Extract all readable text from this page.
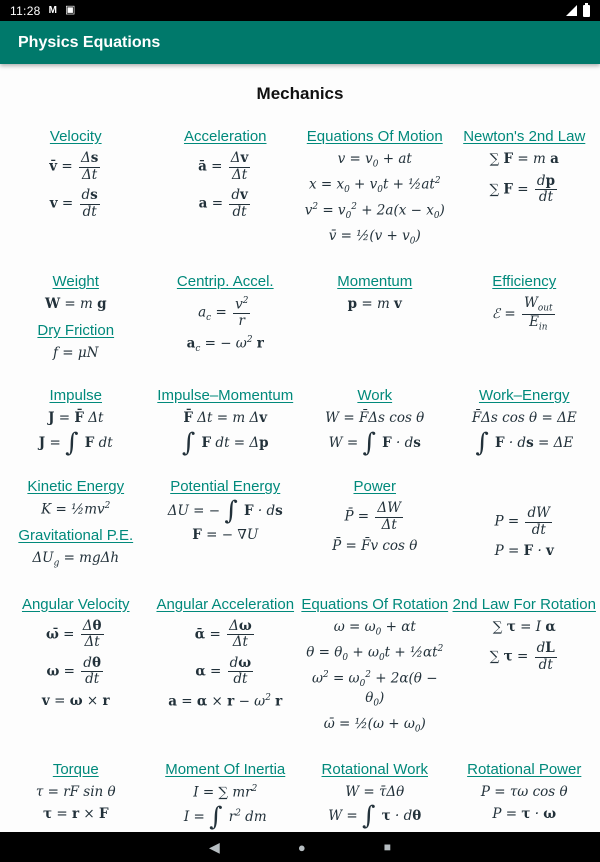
11:28 M ▣
Physics Equations
Mechanics
Velocity
v̄ = $\frac{\Delta s}{\Delta t}$
$v = \frac{ds}{dt}$
Acceleration
ā = $\frac{\Delta v}{\Delta t}$
$a = \frac{dv}{dt}$
Equations Of Motion
$v = v_0$ + at
$x = x_0 + v_0t$ + $\frac{1}{2}at^2$
$v^2 = v_0^2 + 2a(x - x_0)$
v̄ = ½(v + $v_0$)
Newton's 2nd Law
∑ F = m a
∑ $F = \frac{dp}{dt}$
Weight
W = m g
Dry Friction
f = μN
Centrip. Accel.
$a_c = \frac{v^2}{r}$
$a_c$ = − $\omega^2$ r
Momentum
p = m v
Efficiency
ℰ = $\frac{W_{out}}{E_{in}}$
Impulse
J = F̄ Δt
J = ∫ F dt
Impulse–Momentum
F̄ Δt = m Δv
∫ F dt = Δp
Work
W = F̄Δs cos θ
W = ∫ F · ds
Work–Energy
F̄Δs cos θ = ΔE
∫ F · ds = ΔE
Kinetic Energy
$K = \frac{1}{2}mv^2$
Gravitational P.E.
$\Delta U_g = mg\Delta h$
Potential Energy
ΔU = − ∫ F · ds
F = − ∇U
Power
P̄ = $\frac{\Delta W}{\Delta t}$
P̄ = F̄v cos θ
$P = \frac{dW}{dt}$
P = F · v
Angular Velocity
ω̄ = $\frac{\Delta\theta}{\Delta t}$
$\omega = \frac{d\theta}{dt}$
v = ω × r
Angular Acceleration
ᾱ = $\frac{\Delta\omega}{\Delta t}$
$\alpha = \frac{d\omega}{dt}$
$a = \alpha \times r - \omega^2$ r
Equations Of Rotation
$\omega = \omega_0 + \alpha t$
$\theta = \theta_0 + \omega_0t$ + $\frac{1}{2}\alpha t^2$
$\omega^2 = \omega_0^2 + 2\alpha(\theta - \theta_0)$
ω̄ = ½(ω + $\omega_0$)
2nd Law For Rotation
∑ τ = I α
∑ $\tau = \frac{dL}{dt}$
Torque
τ = rF sin θ
τ = r × F
Moment Of Inertia
I = ∑ $mr^2$
I = ∫ $r^2$ dm
Rotational Work
W = τ̄Δθ
W = ∫ τ · dθ
Rotational Power
P = τω cos θ
P = τ · ω
◀	●	■
